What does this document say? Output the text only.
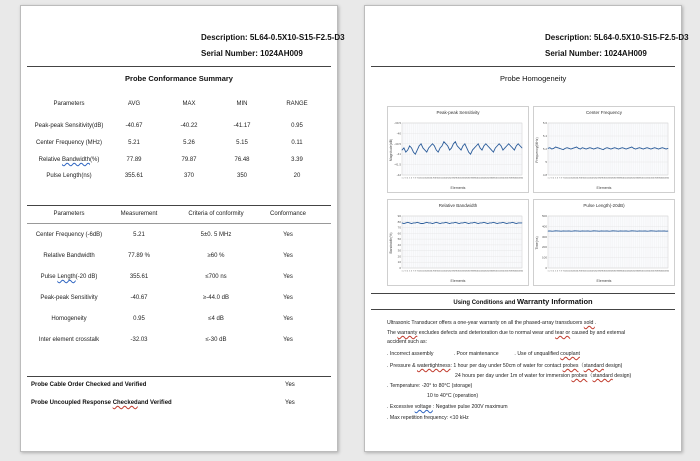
Description: 5L64-0.5X10-S15-F2.5-D3
Serial Number: 1024AH009
Probe Conformance Summary
Probe Cable Order Checked and Verified	Yes
Probe Uncoupled Response Checkedand Verified	Yes
Parameters	AVG	MAX	MIN	RANGE
Peak-peak Sensitivity(dB)	-40.67	-40.22	-41.17	0.95
Center Frequency (MHz)	5.21	5.26	5.15	0.11
Relative Bandwidth(%)	77.89	79.87	76.48	3.39
Pulse Length(ns)	355.61	370	350	20
Parameters	Measurement	Criteria of conformity	Conformance
Center Frequency (-6dB)	5.21	5±0. 5 MHz	Yes
Relative Bandwidth	77.89 %	≥60 %	Yes
Pulse Length(-20 dB)	355.61	≤700 ns	Yes
Peak-peak Sensitivity	-40.67	≥-44.0 dB	Yes
Homogeneity	0.95	≤4 dB	Yes
Inter element crosstalk	-32.03	≤-30 dB	Yes
Description: 5L64-0.5X10-S15-F2.5-D3
Serial Number: 1024AH009
Probe Homogeneity
Peak-peak Sensitivity
Elements
Magnitude(dB)
-39.5
-40
-40.5
-41
-41.5
-42
1 2 3 4 5 6 7 8 9 10 11 12 13 14 15 16 17 18 19 20 21 22 23 24 25 26 27 28 29 30 31 32 33 34 35 36 37 38 39 40 41 42 43 44 45 46 47 48 49 50 51 52 53 54 55 56 57 58 59 60 61 62 63 64
Center Frequency
Elements
Frequency(MHz)
5.6
5.4
5.2
5
4.8
1 2 3 4 5 6 7 8 9 10 11 12 13 14 15 16 17 18 19 20 21 22 23 24 25 26 27 28 29 30 31 32 33 34 35 36 37 38 39 40 41 42 43 44 45 46 47 48 49 50 51 52 53 54 55 56 57 58 59 60 61 62 63 64
Relative Bandwidth
Elements
Bandwidth(%)
90
80
70
60
50
40
30
20
10
0
1 2 3 4 5 6 7 8 9 10 11 12 13 14 15 16 17 18 19 20 21 22 23 24 25 26 27 28 29 30 31 32 33 34 35 36 37 38 39 40 41 42 43 44 45 46 47 48 49 50 51 52 53 54 55 56 57 58 59 60 61 62 63 64
Pulse Length(-20dB)
Elements
Time(ns)
500
400
300
200
100
0
1 2 3 4 5 6 7 8 9 10 11 12 13 14 15 16 17 18 19 20 21 22 23 24 25 26 27 28 29 30 31 32 33 34 35 36 37 38 39 40 41 42 43 44 45 46 47 48 49 50 51 52 53 54 55 56 57 58 59 60 61 62 63 64
Using Conditions and Warranty Information
Ultrasonic Transducer offers a one-year warranty on all the phased-array transducers sold .
The warranty excludes defects and deterioration due to normal wear and tear or caused by and external
accident such as:
. Incorrect assembly              . Poor maintenance           . Use of unqualified couplant
. Pressure & watertightness: 1 hour per day under 50cm of water for contact probes（standard design)
24 hours per day under 1m of water for immersion probes（standard design)
. Temperature: -20° to 80°C (storage)
10 to 40°C (operation)
. Excessive voltage : Negative pulse 200V maximum
. Max repetition frequency: <10 kHz
